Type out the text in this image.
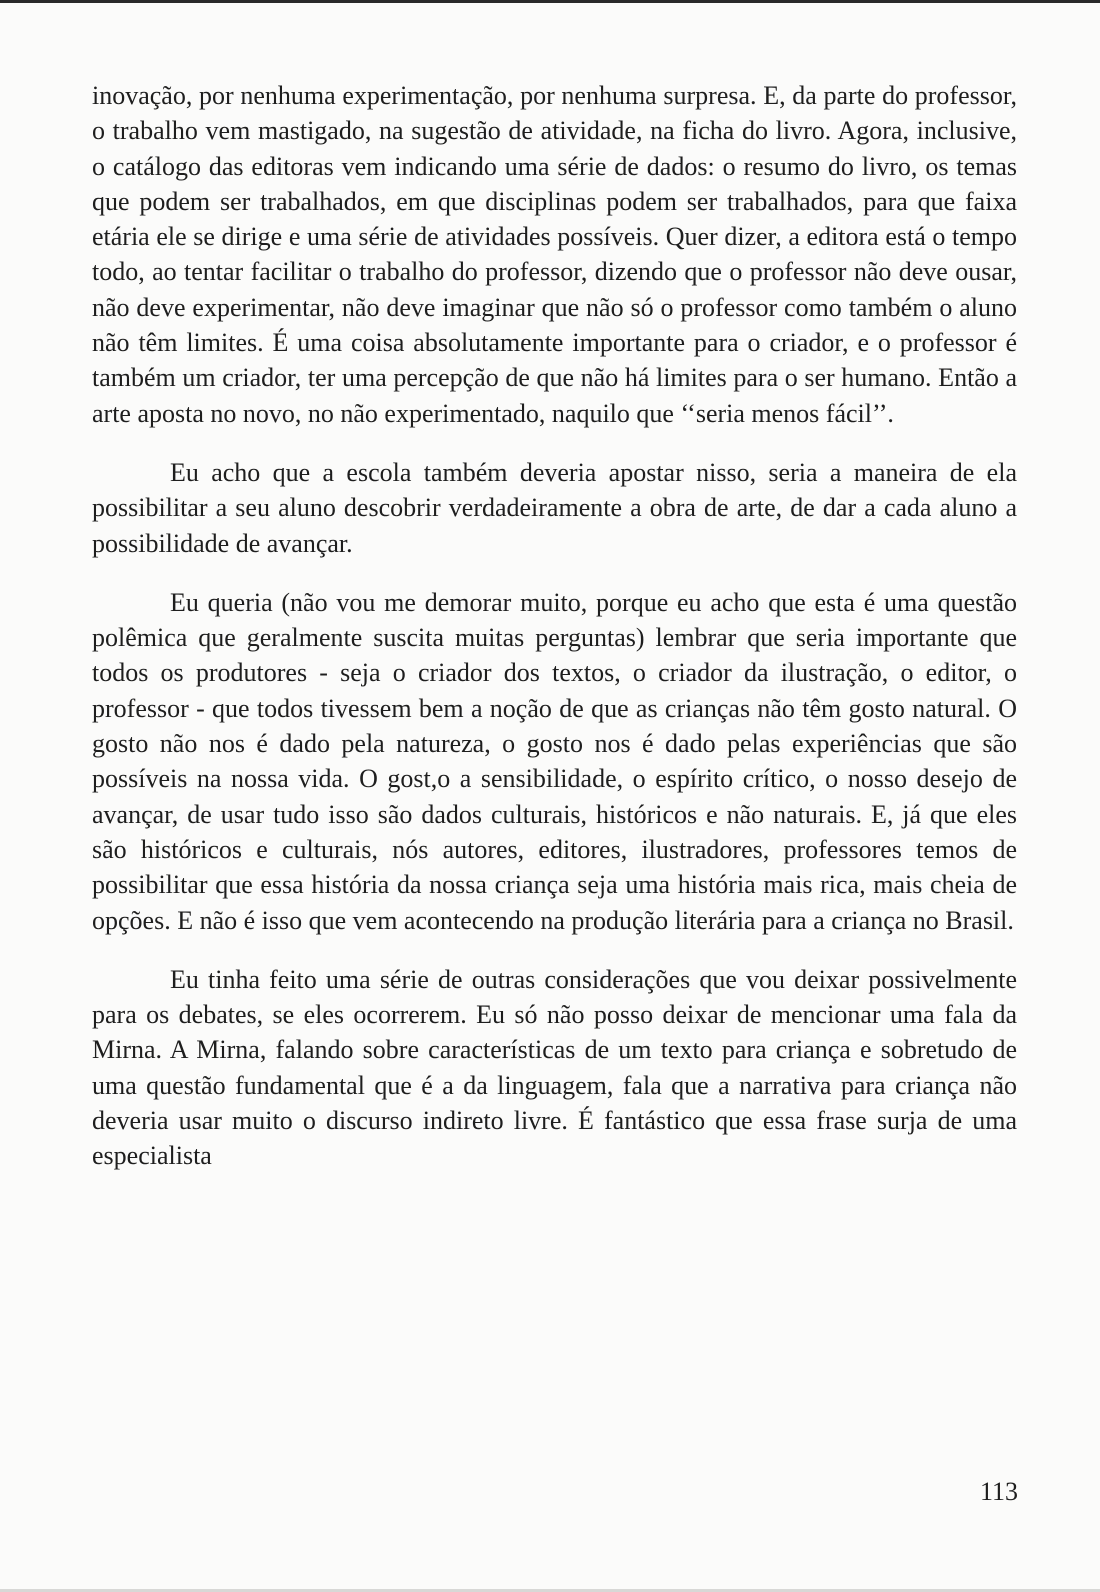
inovação, por nenhuma experimentação, por nenhuma surpresa. E, da parte do professor, o trabalho vem mastigado, na sugestão de atividade, na ficha do livro. Agora, inclusive, o catálogo das editoras vem indicando uma série de dados: o resumo do livro, os temas que podem ser trabalhados, em que disciplinas podem ser trabalhados, para que faixa etária ele se dirige e uma série de atividades possíveis. Quer dizer, a editora está o tempo todo, ao tentar facilitar o trabalho do professor, dizendo que o professor não deve ousar, não deve experimentar, não deve imaginar que não só o professor como também o aluno não têm limites. É uma coisa absolutamente importante para o criador, e o professor é também um criador, ter uma percepção de que não há limites para o ser humano. Então a arte aposta no novo, no não experimentado, naquilo que ‘‘seria menos fácil’’.

Eu acho que a escola também deveria apostar nisso, seria a maneira de ela possibilitar a seu aluno descobrir verdadeiramente a obra de arte, de dar a cada aluno a possibilidade de avançar.

Eu queria (não vou me demorar muito, porque eu acho que esta é uma questão polêmica que geralmente suscita muitas perguntas) lembrar que seria importante que todos os produtores - seja o criador dos textos, o criador da ilustração, o editor, o professor - que todos tivessem bem a noção de que as crianças não têm gosto natural. O gosto não nos é dado pela natureza, o gosto nos é dado pelas experiências que são possíveis na nossa vida. O gost,o a sensibilidade, o espírito crítico, o nosso desejo de avançar, de usar tudo isso são dados culturais, históricos e não naturais. E, já que eles são históricos e culturais, nós autores, editores, ilustradores, professores temos de possibilitar que essa história da nossa criança seja uma história mais rica, mais cheia de opções. E não é isso que vem acontecendo na produção literária para a criança no Brasil.

Eu tinha feito uma série de outras considerações que vou deixar possivelmente para os debates, se eles ocorrerem. Eu só não posso deixar de mencionar uma fala da Mirna. A Mirna, falando sobre características de um texto para criança e sobretudo de uma questão fundamental que é a da linguagem, fala que a narrativa para criança não deveria usar muito o discurso indireto livre. É fantástico que essa frase surja de uma especialista

113
